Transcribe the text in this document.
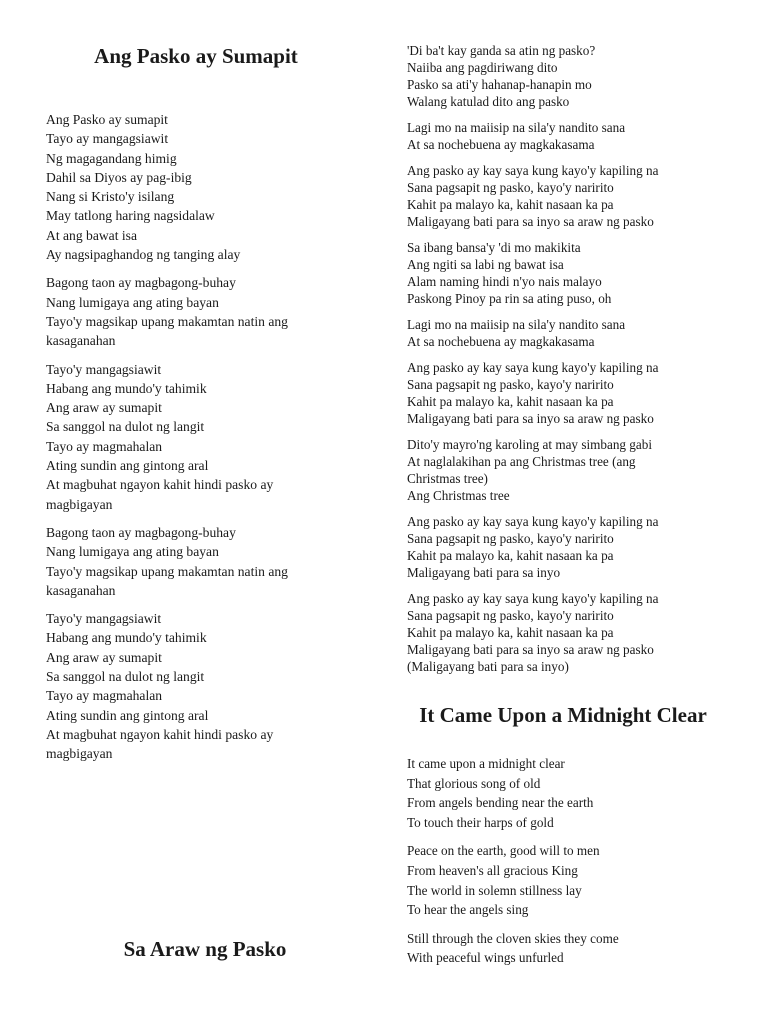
Ang Pasko ay Sumapit
Ang Pasko ay sumapit
Tayo ay mangagsiawit
Ng magagandang himig
Dahil sa Diyos ay pag-ibig
Nang si Kristo'y isilang
May tatlong haring nagsidalaw
At ang bawat isa
Ay nagsipaghandog ng tanging alay
Bagong taon ay magbagong-buhay
Nang lumigaya ang ating bayan
Tayo'y magsikap upang makamtan natin ang
kasaganahan
Tayo'y mangagsiawit
Habang ang mundo'y tahimik
Ang araw ay sumapit
Sa sanggol na dulot ng langit
Tayo ay magmahalan
Ating sundin ang gintong aral
At magbuhat ngayon kahit hindi pasko ay
magbigayan
Bagong taon ay magbagong-buhay
Nang lumigaya ang ating bayan
Tayo'y magsikap upang makamtan natin ang
kasaganahan
Tayo'y mangagsiawit
Habang ang mundo'y tahimik
Ang araw ay sumapit
Sa sanggol na dulot ng langit
Tayo ay magmahalan
Ating sundin ang gintong aral
At magbuhat ngayon kahit hindi pasko ay
magbigayan
Sa Araw ng Pasko
'Di ba't kay ganda sa atin ng pasko?
Naiiba ang pagdiriwang dito
Pasko sa ati'y hahanap-hanapin mo
Walang katulad dito ang pasko
Lagi mo na maiisip na sila'y nandito sana
At sa nochebuena ay magkakasama
Ang pasko ay kay saya kung kayo'y kapiling na
Sana pagsapit ng pasko, kayo'y naririto
Kahit pa malayo ka, kahit nasaan ka pa
Maligayang bati para sa inyo sa araw ng pasko
Sa ibang bansa'y 'di mo makikita
Ang ngiti sa labi ng bawat isa
Alam naming hindi n'yo nais malayo
Paskong Pinoy pa rin sa ating puso, oh
Lagi mo na maiisip na sila'y nandito sana
At sa nochebuena ay magkakasama
Ang pasko ay kay saya kung kayo'y kapiling na
Sana pagsapit ng pasko, kayo'y naririto
Kahit pa malayo ka, kahit nasaan ka pa
Maligayang bati para sa inyo sa araw ng pasko
Dito'y mayro'ng karoling at may simbang gabi
At naglalakihan pa ang Christmas tree (ang
Christmas tree)
Ang Christmas tree
Ang pasko ay kay saya kung kayo'y kapiling na
Sana pagsapit ng pasko, kayo'y naririto
Kahit pa malayo ka, kahit nasaan ka pa
Maligayang bati para sa inyo
Ang pasko ay kay saya kung kayo'y kapiling na
Sana pagsapit ng pasko, kayo'y naririto
Kahit pa malayo ka, kahit nasaan ka pa
Maligayang bati para sa inyo sa araw ng pasko
(Maligayang bati para sa inyo)
It Came Upon a Midnight Clear
It came upon a midnight clear
That glorious song of old
From angels bending near the earth
To touch their harps of gold
Peace on the earth, good will to men
From heaven's all gracious King
The world in solemn stillness lay
To hear the angels sing
Still through the cloven skies they come
With peaceful wings unfurled
